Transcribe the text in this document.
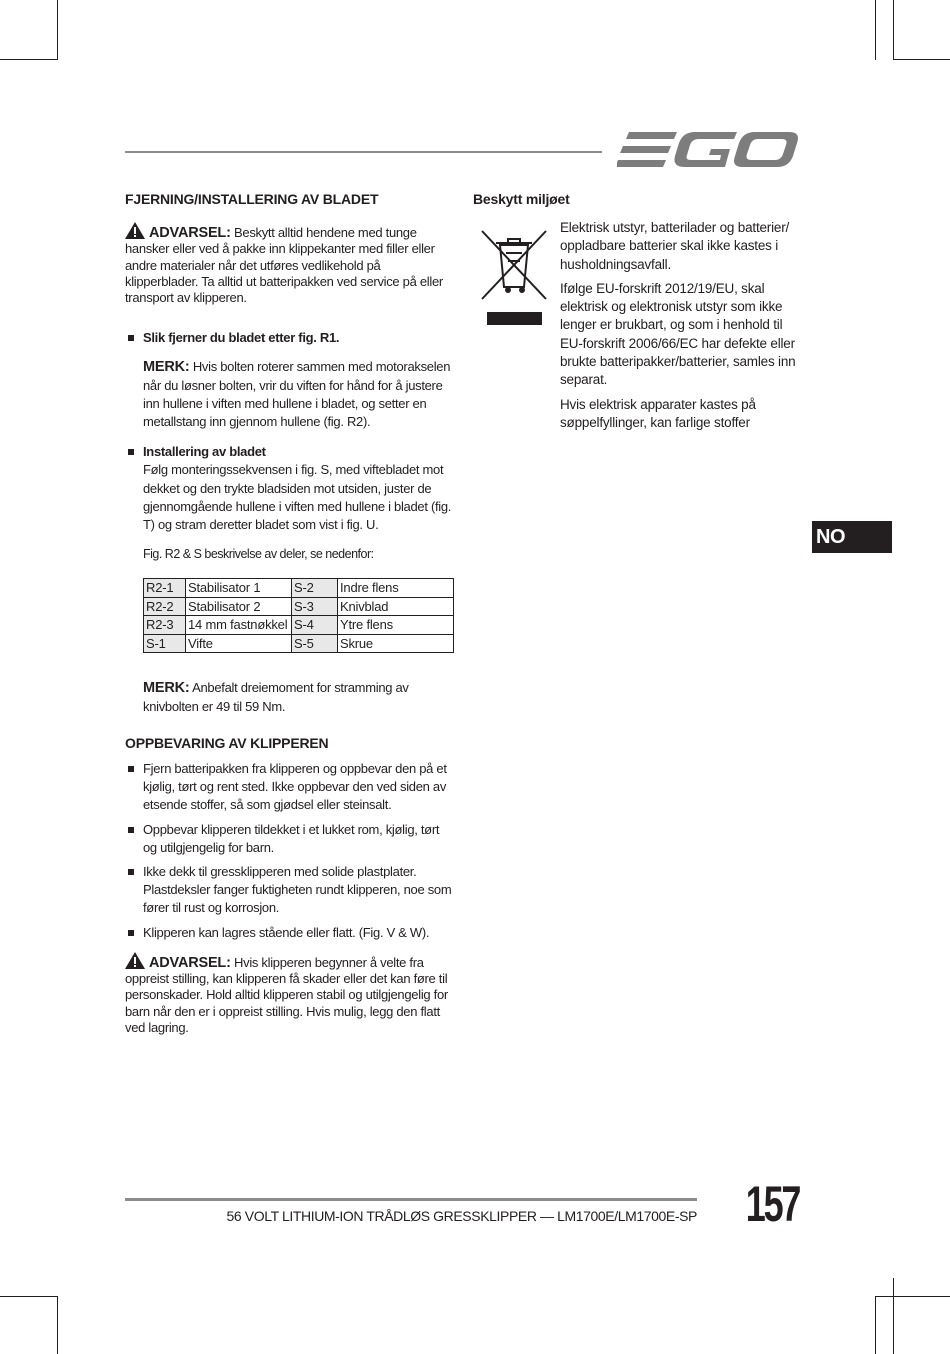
FJERNING/INSTALLERING AV BLADET
ADVARSEL: Beskytt alltid hendene med tunge hansker eller ved å pakke inn klippekanter med filler eller andre materialer når det utføres vedlikehold på klipperblader. Ta alltid ut batteripakken ved service på eller transport av klipperen.
Slik fjerner du bladet etter fig. R1.
MERK: Hvis bolten roterer sammen med motorakselen når du løsner bolten, vrir du viften for hånd for å justere inn hullene i viften med hullene i bladet, og setter en metallstang inn gjennom hullene (fig. R2).
Installering av bladet
Følg monteringssekvensen i fig. S, med viftebladet mot dekket og den trykte bladsiden mot utsiden, juster de gjennomgående hullene i viften med hullene i bladet (fig. T) og stram deretter bladet som vist i fig. U.
Fig. R2 & S beskrivelse av deler, se nedenfor:
R2-1	Stabilisator 1	S-2	Indre flens
R2-2	Stabilisator 2	S-3	Knivblad
R2-3	14 mm fastnøkkel	S-4	Ytre flens
S-1	Vifte	S-5	Skrue
MERK: Anbefalt dreiemoment for stramming av knivbolten er 49 til 59 Nm.
OPPBEVARING AV KLIPPEREN
Fjern batteripakken fra klipperen og oppbevar den på et kjølig, tørt og rent sted. Ikke oppbevar den ved siden av etsende stoffer, så som gjødsel eller steinsalt.
Oppbevar klipperen tildekket i et lukket rom, kjølig, tørt og utilgjengelig for barn.
Ikke dekk til gressklipperen med solide plastplater. Plastdeksler fanger fuktigheten rundt klipperen, noe som fører til rust og korrosjon.
Klipperen kan lagres stående eller flatt. (Fig. V & W).
ADVARSEL: Hvis klipperen begynner å velte fra oppreist stilling, kan klipperen få skader eller det kan føre til personskader. Hold alltid klipperen stabil og utilgjengelig for barn når den er i oppreist stilling. Hvis mulig, legg den flatt ved lagring.
Beskytt miljøet

Elektrisk utstyr, batterilader og batterier/ oppladbare batterier skal ikke kastes i husholdningsavfall.

Ifølge EU-forskrift 2012/19/EU, skal elektrisk og elektronisk utstyr som ikke lenger er brukbart, og som i henhold til EU-forskrift 2006/66/EC har defekte eller brukte batteripakker/batterier, samles inn separat.

Hvis elektrisk apparater kastes på søppelfyllinger, kan farlige stoffer

NO
56 VOLT LITHIUM-ION TRÅDLØS GRESSKLIPPER — LM1700E/LM1700E-SP 157
